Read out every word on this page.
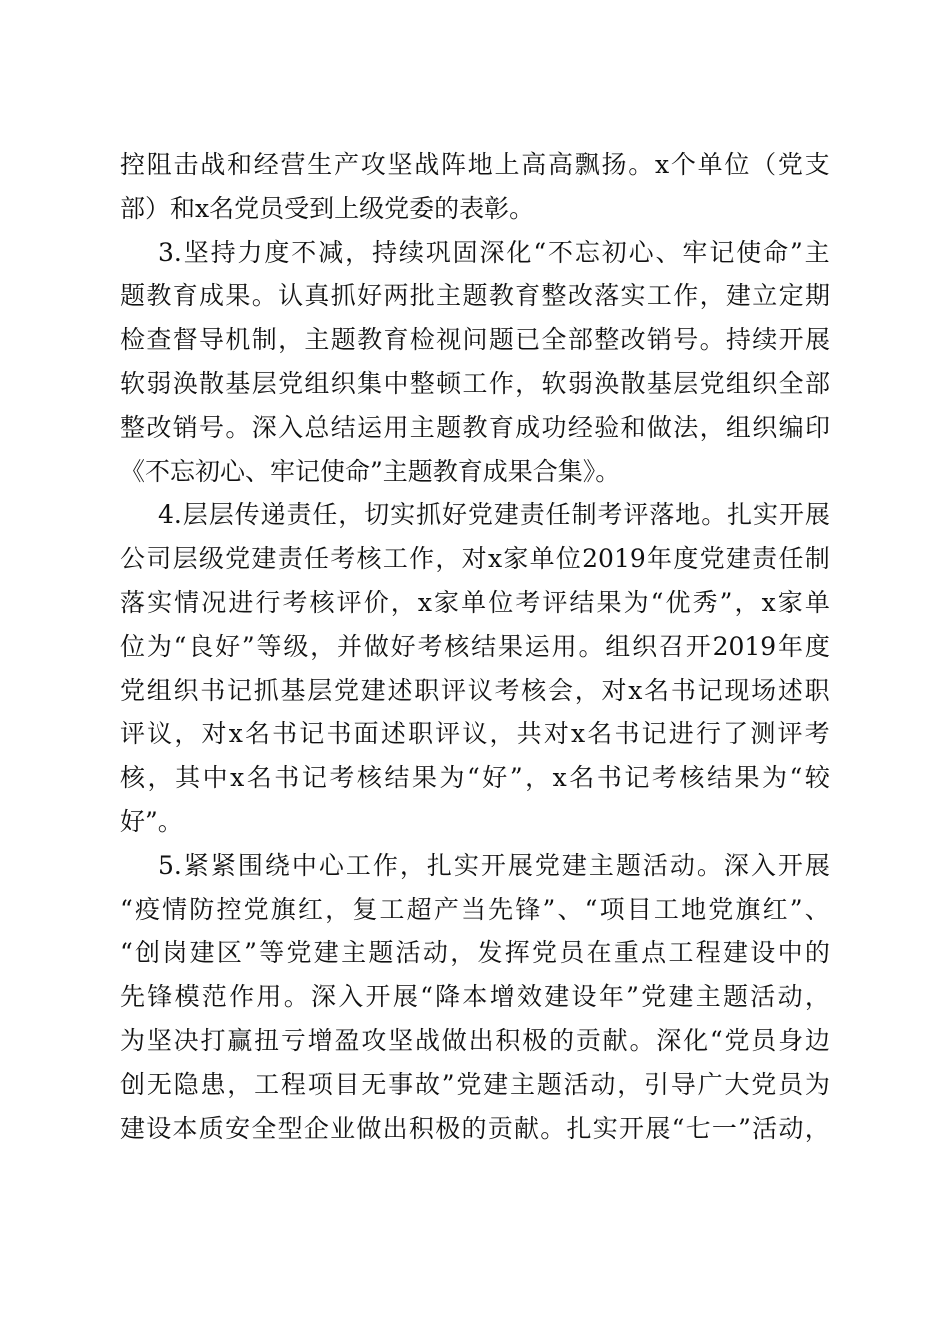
控 阻 击 战 和 经 营 生 产 攻 坚 战 阵 地 上 高 高 飘 扬 。 x 个 单 位 （ 党 支
部）和x名党员受到上级党委的表彰。
3. 坚 持 力 度 不 减 ， 持 续 巩 固 深 化 “ 不 忘 初 心 、 牢 记 使 命 ” 主
题 教 育 成 果 。 认 真 抓 好 两 批 主 题 教 育 整 改 落 实 工 作 ， 建 立 定 期
检 查 督 导 机 制 ， 主 题 教 育 检 视 问 题 已 全 部 整 改 销 号 。 持 续 开 展
软 弱 涣 散 基 层 党 组 织 集 中 整 顿 工 作 ， 软 弱 涣 散 基 层 党 组 织 全 部
整 改 销 号 。 深 入 总 结 运 用 主 题 教 育 成 功 经 验 和 做 法 ， 组 织 编 印
《不忘初心、牢记使命”主题教育成果合集》。
4. 层 层 传 递 责 任 ， 切 实 抓 好 党 建 责 任 制 考 评 落 地 。 扎 实 开 展
公 司 层 级 党 建 责 任 考 核 工 作 ， 对 x 家 单 位 2019 年 度 党 建 责 任 制
落 实 情 况 进 行 考 核 评 价 ， x 家 单 位 考 评 结 果 为 “ 优 秀 ” ， x 家 单
位 为 “ 良 好 ” 等 级 ， 并 做 好 考 核 结 果 运 用 。 组 织 召 开 2019 年 度
党 组 织 书 记 抓 基 层 党 建 述 职 评 议 考 核 会 ， 对 x 名 书 记 现 场 述 职
评 议 ， 对 x 名 书 记 书 面 述 职 评 议 ， 共 对 x 名 书 记 进 行 了 测 评 考
核 ， 其 中 x 名 书 记 考 核 结 果 为 “ 好 ” ， x 名 书 记 考 核 结 果 为 “ 较
好”。
5. 紧 紧 围 绕 中 心 工 作 ， 扎 实 开 展 党 建 主 题 活 动 。 深 入 开 展
“ 疫 情 防 控 党 旗 红 ， 复 工 超 产 当 先 锋 ” 、 “ 项 目 工 地 党 旗 红 ” 、
“ 创 岗 建 区 ” 等 党 建 主 题 活 动 ， 发 挥 党 员 在 重 点 工 程 建 设 中 的
先 锋 模 范 作 用 。 深 入 开 展 “ 降 本 增 效 建 设 年 ” 党 建 主 题 活 动 ，
为 坚 决 打 赢 扭 亏 增 盈 攻 坚 战 做 出 积 极 的 贡 献 。 深 化 “ 党 员 身 边
创 无 隐 患 ， 工 程 项 目 无 事 故 ” 党 建 主 题 活 动 ， 引 导 广 大 党 员 为
建 设 本 质 安 全 型 企 业 做 出 积 极 的 贡 献 。 扎 实 开 展 “ 七 一 ” 活 动 ，
